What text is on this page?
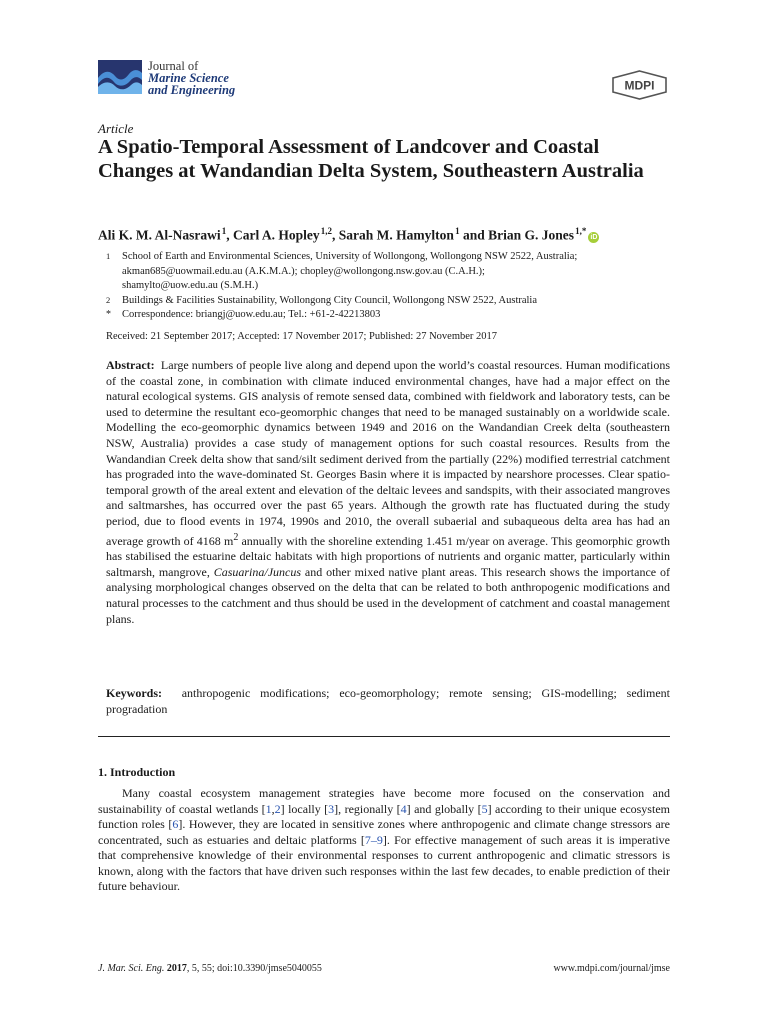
Journal of
Marine Science
and Engineering	MDPI
Article
A Spatio-Temporal Assessment of Landcover and Coastal Changes at Wandandian Delta System, Southeastern Australia
Ali K. M. Al-Nasrawi $^1$, Carl A. Hopley $^{1,2}$, Sarah M. Hamylton $^1$ and Brian G. Jones $^{1,*}$iD
1 School of Earth and Environmental Sciences, University of Wollongong, Wollongong NSW 2522, Australia;
akman685@uowmail.edu.au (A.K.M.A.); chopley@wollongong.nsw.gov.au (C.A.H.);
shamylto@uow.edu.au (S.M.H.)
2 Buildings & Facilities Sustainability, Wollongong City Council, Wollongong NSW 2522, Australia
* Correspondence: briangj@uow.edu.au; Tel.: +61-2-42213803
Received: 21 September 2017; Accepted: 17 November 2017; Published: 27 November 2017
Abstract: Large numbers of people live along and depend upon the world’s coastal resources. Human modifications of the coastal zone, in combination with climate induced environmental changes, have had a major effect on the natural ecological systems. GIS analysis of remote sensed data, combined with fieldwork and laboratory tests, can be used to determine the resultant eco-geomorphic changes that need to be managed sustainably on a worldwide scale. Modelling the eco-geomorphic dynamics between 1949 and 2016 on the Wandandian Creek delta (southeastern NSW, Australia) provides a case study of management options for such coastal resources. Results from the Wandandian Creek delta show that sand/silt sediment derived from the partially (22%) modified terrestrial catchment has prograded into the wave-dominated St. Georges Basin where it is impacted by nearshore processes. Clear spatio-temporal growth of the areal extent and elevation of the deltaic levees and sandspits, with their associated mangroves and saltmarshes, has occurred over the past 65 years. Although the growth rate has fluctuated during the study period, due to flood events in 1974, 1990s and 2010, the overall subaerial and subaqueous delta area has had an average growth of 4168 $m^2$ annually with the shoreline extending 1.451 m/year on average. This geomorphic growth has stabilised the estuarine deltaic habitats with high proportions of nutrients and organic matter, particularly within saltmarsh, mangrove, Casuarina/Juncus and other mixed native plant areas. This research shows the importance of analysing morphological changes observed on the delta that can be related to both anthropogenic modifications and natural processes to the catchment and thus should be used in the development of catchment and coastal management plans.
Keywords: anthropogenic modifications; eco-geomorphology; remote sensing; GIS-modelling; sediment progradation
1. Introduction
Many coastal ecosystem management strategies have become more focused on the conservation and sustainability of coastal wetlands [1,2] locally [3], regionally [4] and globally [5] according to their unique ecosystem function roles [6]. However, they are located in sensitive zones where anthropogenic and climate change stressors are concentrated, such as estuaries and deltaic platforms [7–9]. For effective management of such areas it is imperative that comprehensive knowledge of their environmental responses to current anthropogenic and climatic stressors is known, along with the factors that have driven such responses within the last few decades, to enable prediction of their future behaviour.
J. Mar. Sci. Eng. 2017, 5, 55; doi:10.3390/jmse5040055	www.mdpi.com/journal/jmse
